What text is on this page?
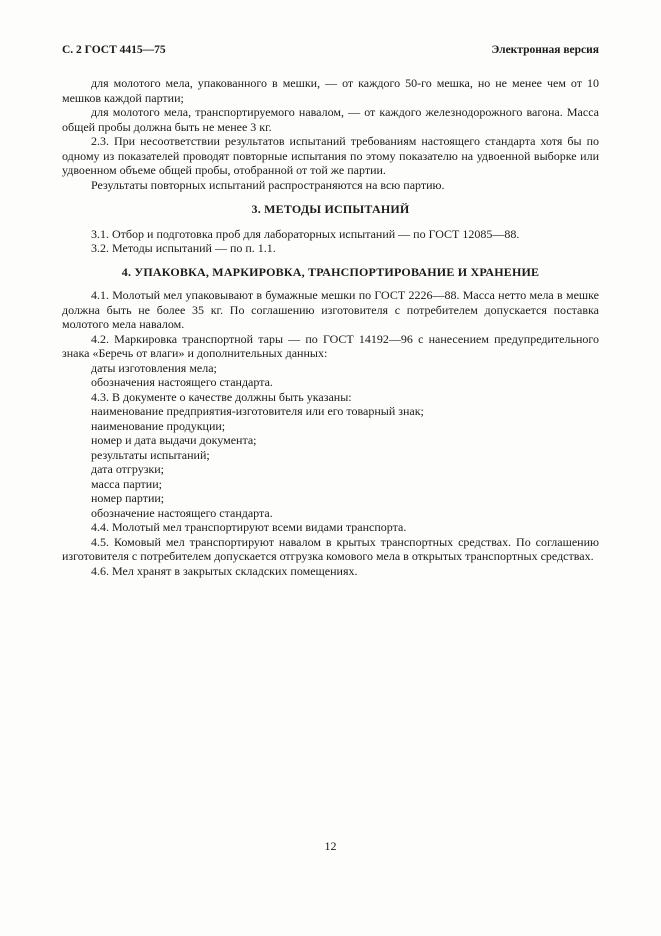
С. 2 ГОСТ 4415—75	Электронная версия

для молотого мела, упакованного в мешки, — от каждого 50-го мешка, но не менее чем от 10 мешков каждой партии;

для молотого мела, транспортируемого навалом, — от каждого железнодорожного вагона. Масса общей пробы должна быть не менее 3 кг.

2.3. При несоответствии результатов испытаний требованиям настоящего стандарта хотя бы по одному из показателей проводят повторные испытания по этому показателю на удвоенной выборке или удвоенном объеме общей пробы, отобранной от той же партии.

Результаты повторных испытаний распространяются на всю партию.

3. МЕТОДЫ ИСПЫТАНИЙ

3.1. Отбор и подготовка проб для лабораторных испытаний — по ГОСТ 12085—88.

3.2. Методы испытаний — по п. 1.1.

4. УПАКОВКА, МАРКИРОВКА, ТРАНСПОРТИРОВАНИЕ И ХРАНЕНИЕ

4.1. Молотый мел упаковывают в бумажные мешки по ГОСТ 2226—88. Масса нетто мела в мешке должна быть не более 35 кг. По соглашению изготовителя с потребителем допускается поставка молотого мела навалом.

4.2. Маркировка транспортной тары — по ГОСТ 14192—96 с нанесением предупредительного знака «Беречь от влаги» и дополнительных данных:

даты изготовления мела;

обозначения настоящего стандарта.

4.3. В документе о качестве должны быть указаны:

наименование предприятия-изготовителя или его товарный знак;

наименование продукции;

номер и дата выдачи документа;

результаты испытаний;

дата отгрузки;

масса партии;

номер партии;

обозначение настоящего стандарта.

4.4. Молотый мел транспортируют всеми видами транспорта.

4.5. Комовый мел транспортируют навалом в крытых транспортных средствах. По соглашению изготовителя с потребителем допускается отгрузка комового мела в открытых транспортных средствах.

4.6. Мел хранят в закрытых складских помещениях.

12
